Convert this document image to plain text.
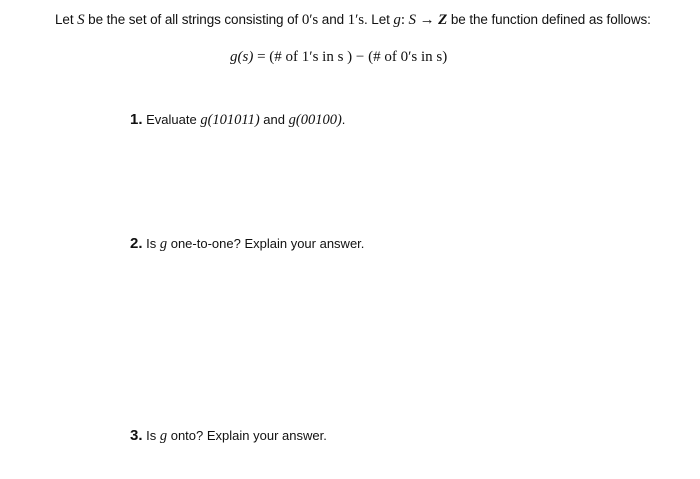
Let S be the set of all strings consisting of 0′s and 1′s. Let g: S → Z be the function defined as follows:
g(s) = (# of 1′s in s ) − (# of 0′s in s)
1. Evaluate g(101011) and g(00100).
2. Is g one-to-one? Explain your answer.
3. Is g onto? Explain your answer.
